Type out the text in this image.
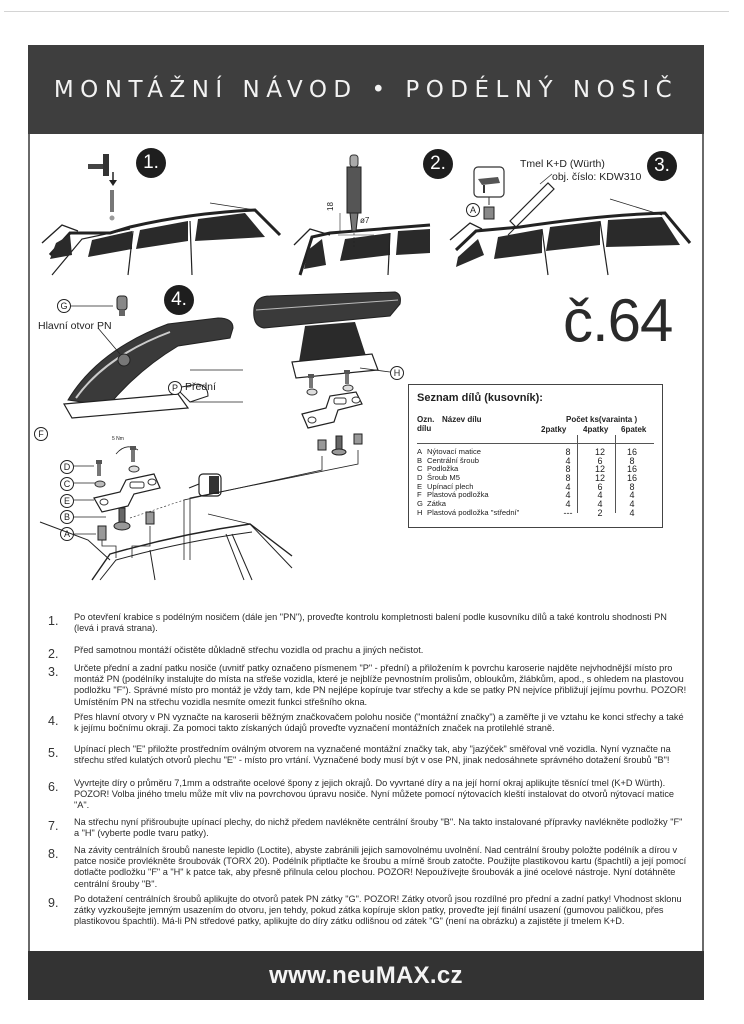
MONTÁŽNÍ NÁVOD • PODÉLNÝ NOSIČ
1.
18
ø7
2.
A
Tmel K+D (Würth)
obj. číslo: KDW310
3.
4.
G
Hlavní otvor PN
P Přední
F	5 Nm
D
C
E
B
A
H
č.64
Seznam dílů (kusovník):
Ozn.
dílu
Název dílu	Počet ks(varainta )
2patky 4patky 6patek
A Nýtovací matice	8	12	16
B Centrální šroub	4	6	8
C Podložka	8	12	16
D Šroub M5	8	12	16
E Upínací plech	4	6	8
F Plastová podložka	4	4	4
G Zátka	4	4	4
H Plastová podložka "střední"	---	2	4
1.	Po otevření krabice s podélným nosičem (dále jen "PN"), proveďte kontrolu kompletnosti balení podle kusovníku dílů a také kontrolu shodnosti PN (levá i pravá strana).
2.	Před samotnou montáží očistěte důkladně střechu vozidla od prachu a jiných nečistot.
3.	Určete přední a zadní patku nosiče (uvnitř patky označeno písmenem "P" - přední) a přiložením k povrchu karoserie najděte nejvhodnější místo pro montáž PN (podélníky instalujte do místa na střeše vozidla, které je nejblíže pevnostním prolisům, obloukům, žlábkům, apod., s ohledem na plastovou podložku "F"). Správné místo pro montáž je vždy tam, kde PN nejlépe kopíruje tvar střechy a kde se patky PN nejvíce přibližují jejímu povrhu. POZOR! Umístěním PN na střechu vozidla nesmíte omezit funkci střešního okna.
4.	Přes hlavní otvory v PN vyznačte na karoserii běžným značkovačem polohu nosiče ("montážní značky") a zaměřte ji ve vztahu ke konci střechy a také k jejímu bočnímu okraji. Za pomoci takto získaných údajů proveďte vyznačení montážních značek na protilehlé straně.
5.	Upínací plech "E" přiložte prostředním oválným otvorem na vyznačené montážní značky tak, aby "jazýček" směřoval vně vozidla. Nyní vyznačte na střechu střed kulatých otvorů plechu "E" - místo pro vrtání. Vyznačené body musí být v ose PN, jinak nedosáhnete správného dotažení šroubů "B"!
6.	Vyvrtejte díry o průměru 7,1mm a odstraňte ocelové špony z jejich okrajů. Do vyvrtané díry a na její horní okraj aplikujte těsnící tmel (K+D Würth). POZOR! Volba jiného tmelu může mít vliv na povrchovou úpravu nosiče. Nyní můžete pomocí nýtovacích kleští instalovat do otvorů nýtovací matice "A".
7.	Na střechu nyní přišroubujte upínací plechy, do nichž předem navlékněte centrální šrouby "B". Na takto instalované přípravky navlékněte podložky "F" a "H" (vyberte podle tvaru patky).
8.	Na závity centrálních šroubů naneste lepidlo (Loctite), abyste zabránili jejich samovolnému uvolnění. Nad centrální šrouby položte podélník a dírou v patce nosiče provlékněte šroubovák (TORX 20). Podélník připtlačte ke šroubu a mírně šroub zatočte. Použijte plastikovou kartu (špachtli) a její pomocí dotlačte podložku "F" a "H" k patce tak, aby přesně přilnula celou plochou. POZOR! Nepoužívejte šroubovák a jiné ocelové nástroje. Nyní dotáhněte centrální šrouby "B".
9.	Po dotažení centrálních šroubů aplikujte do otvorů patek PN zátky "G". POZOR! Zátky otvorů jsou rozdílné pro přední a zadní patky! Vhodnost sklonu zátky vyzkoušejte jemným usazením do otvoru, jen tehdy, pokud zátka kopíruje sklon patky, proveďte její finální usazení (gumovou paličkou, přes plastikovou špachtli). Má-li PN středové patky, aplikujte do díry zátku odlišnou od zátek "G" (není na obrázku) a zajistěte jí tmelem K+D.
www.neuMAX.cz
